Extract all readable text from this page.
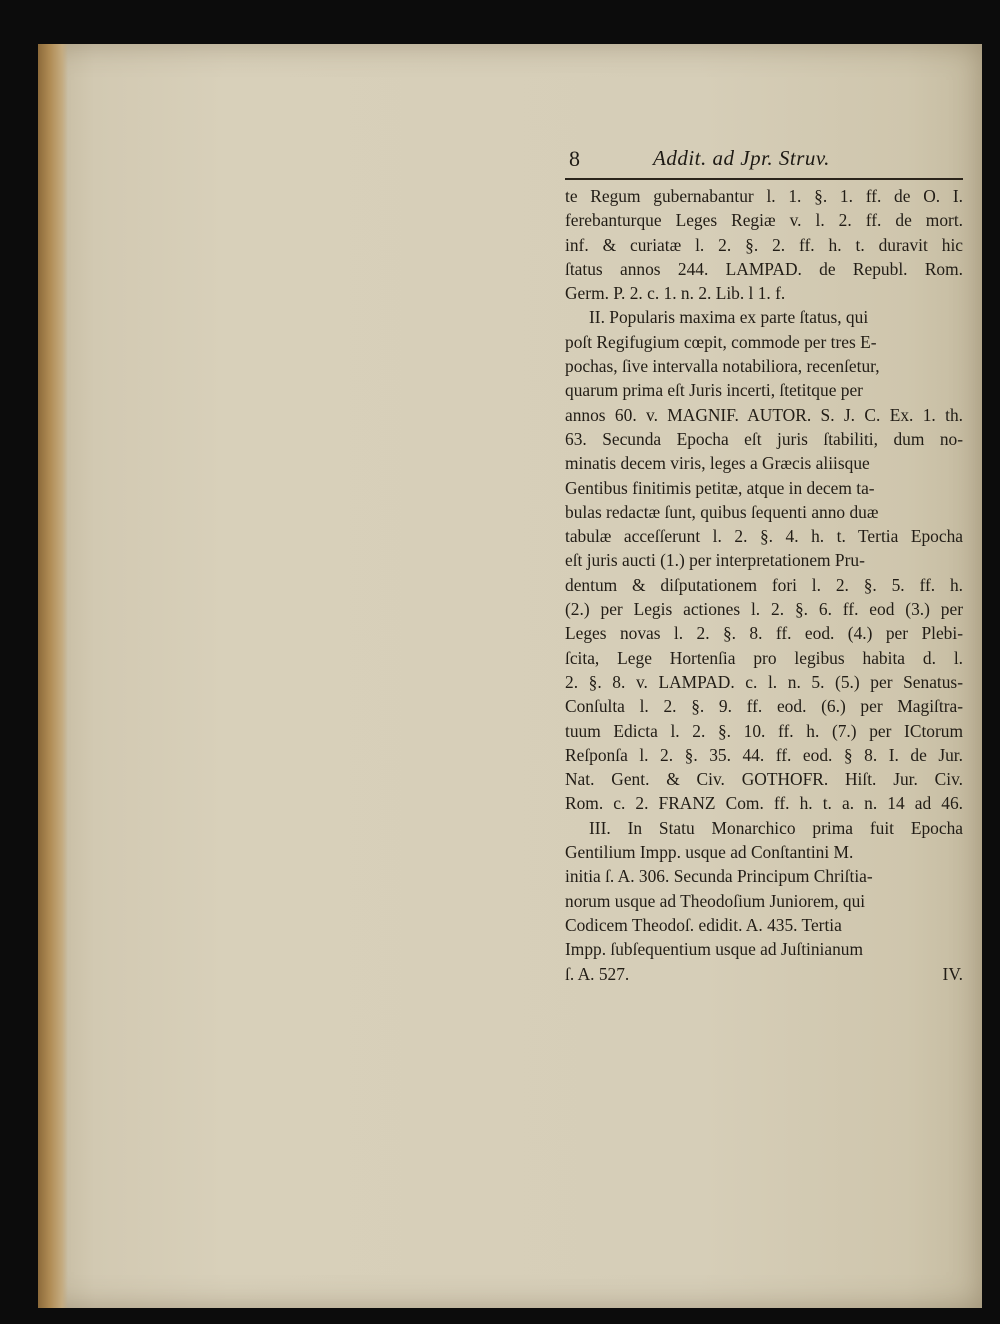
8	Addit. ad Jpr. Struv.
te Regum gubernabantur l. 1. §. 1. ff. de O. I.
ferebanturque Leges Regiæ v. l. 2. ff. de mort.
inf. & curiatæ l. 2. §. 2. ff. h. t. duravit hic
ſtatus annos 244. LAMPAD. de Republ. Rom.
Germ. P. 2. c. 1. n. 2. Lib. l 1. f.
II. Popularis maxima ex parte ſtatus, qui
poſt Regifugium cœpit, commode per tres E-
pochas, ſive intervalla notabiliora, recenſetur,
quarum prima eſt Juris incerti, ſtetitque per
annos 60. v. MAGNIF. AUTOR. S. J. C. Ex. 1. th.
63. Secunda Epocha eſt juris ſtabiliti, dum no-
minatis decem viris, leges a Græcis aliisque
Gentibus finitimis petitæ, atque in decem ta-
bulas redactæ ſunt, quibus ſequenti anno duæ
tabulæ acceſſerunt l. 2. §. 4. h. t. Tertia Epocha
eſt juris aucti (1.) per interpretationem Pru-
dentum & diſputationem fori l. 2. §. 5. ff. h.
(2.) per Legis actiones l. 2. §. 6. ff. eod (3.) per
Leges novas l. 2. §. 8. ff. eod. (4.) per Plebi-
ſcita, Lege Hortenſia pro legibus habita d. l.
2. §. 8. v. LAMPAD. c. l. n. 5. (5.) per Senatus-
Conſulta l. 2. §. 9. ff. eod. (6.) per Magiſtra-
tuum Edicta l. 2. §. 10. ff. h. (7.) per ICtorum
Reſponſa l. 2. §. 35. 44. ff. eod. § 8. I. de Jur.
Nat. Gent. & Civ. GOTHOFR. Hiſt. Jur. Civ.
Rom. c. 2. FRANZ Com. ff. h. t. a. n. 14 ad 46.
III. In Statu Monarchico prima fuit Epocha
Gentilium Impp. usque ad Conſtantini M.
initia ſ. A. 306. Secunda Principum Chriſtia-
norum usque ad Theodoſium Juniorem, qui
Codicem Theodoſ. edidit. A. 435. Tertia
Impp. ſubſequentium usque ad Juſtinianum
ſ. A. 527.	IV.
